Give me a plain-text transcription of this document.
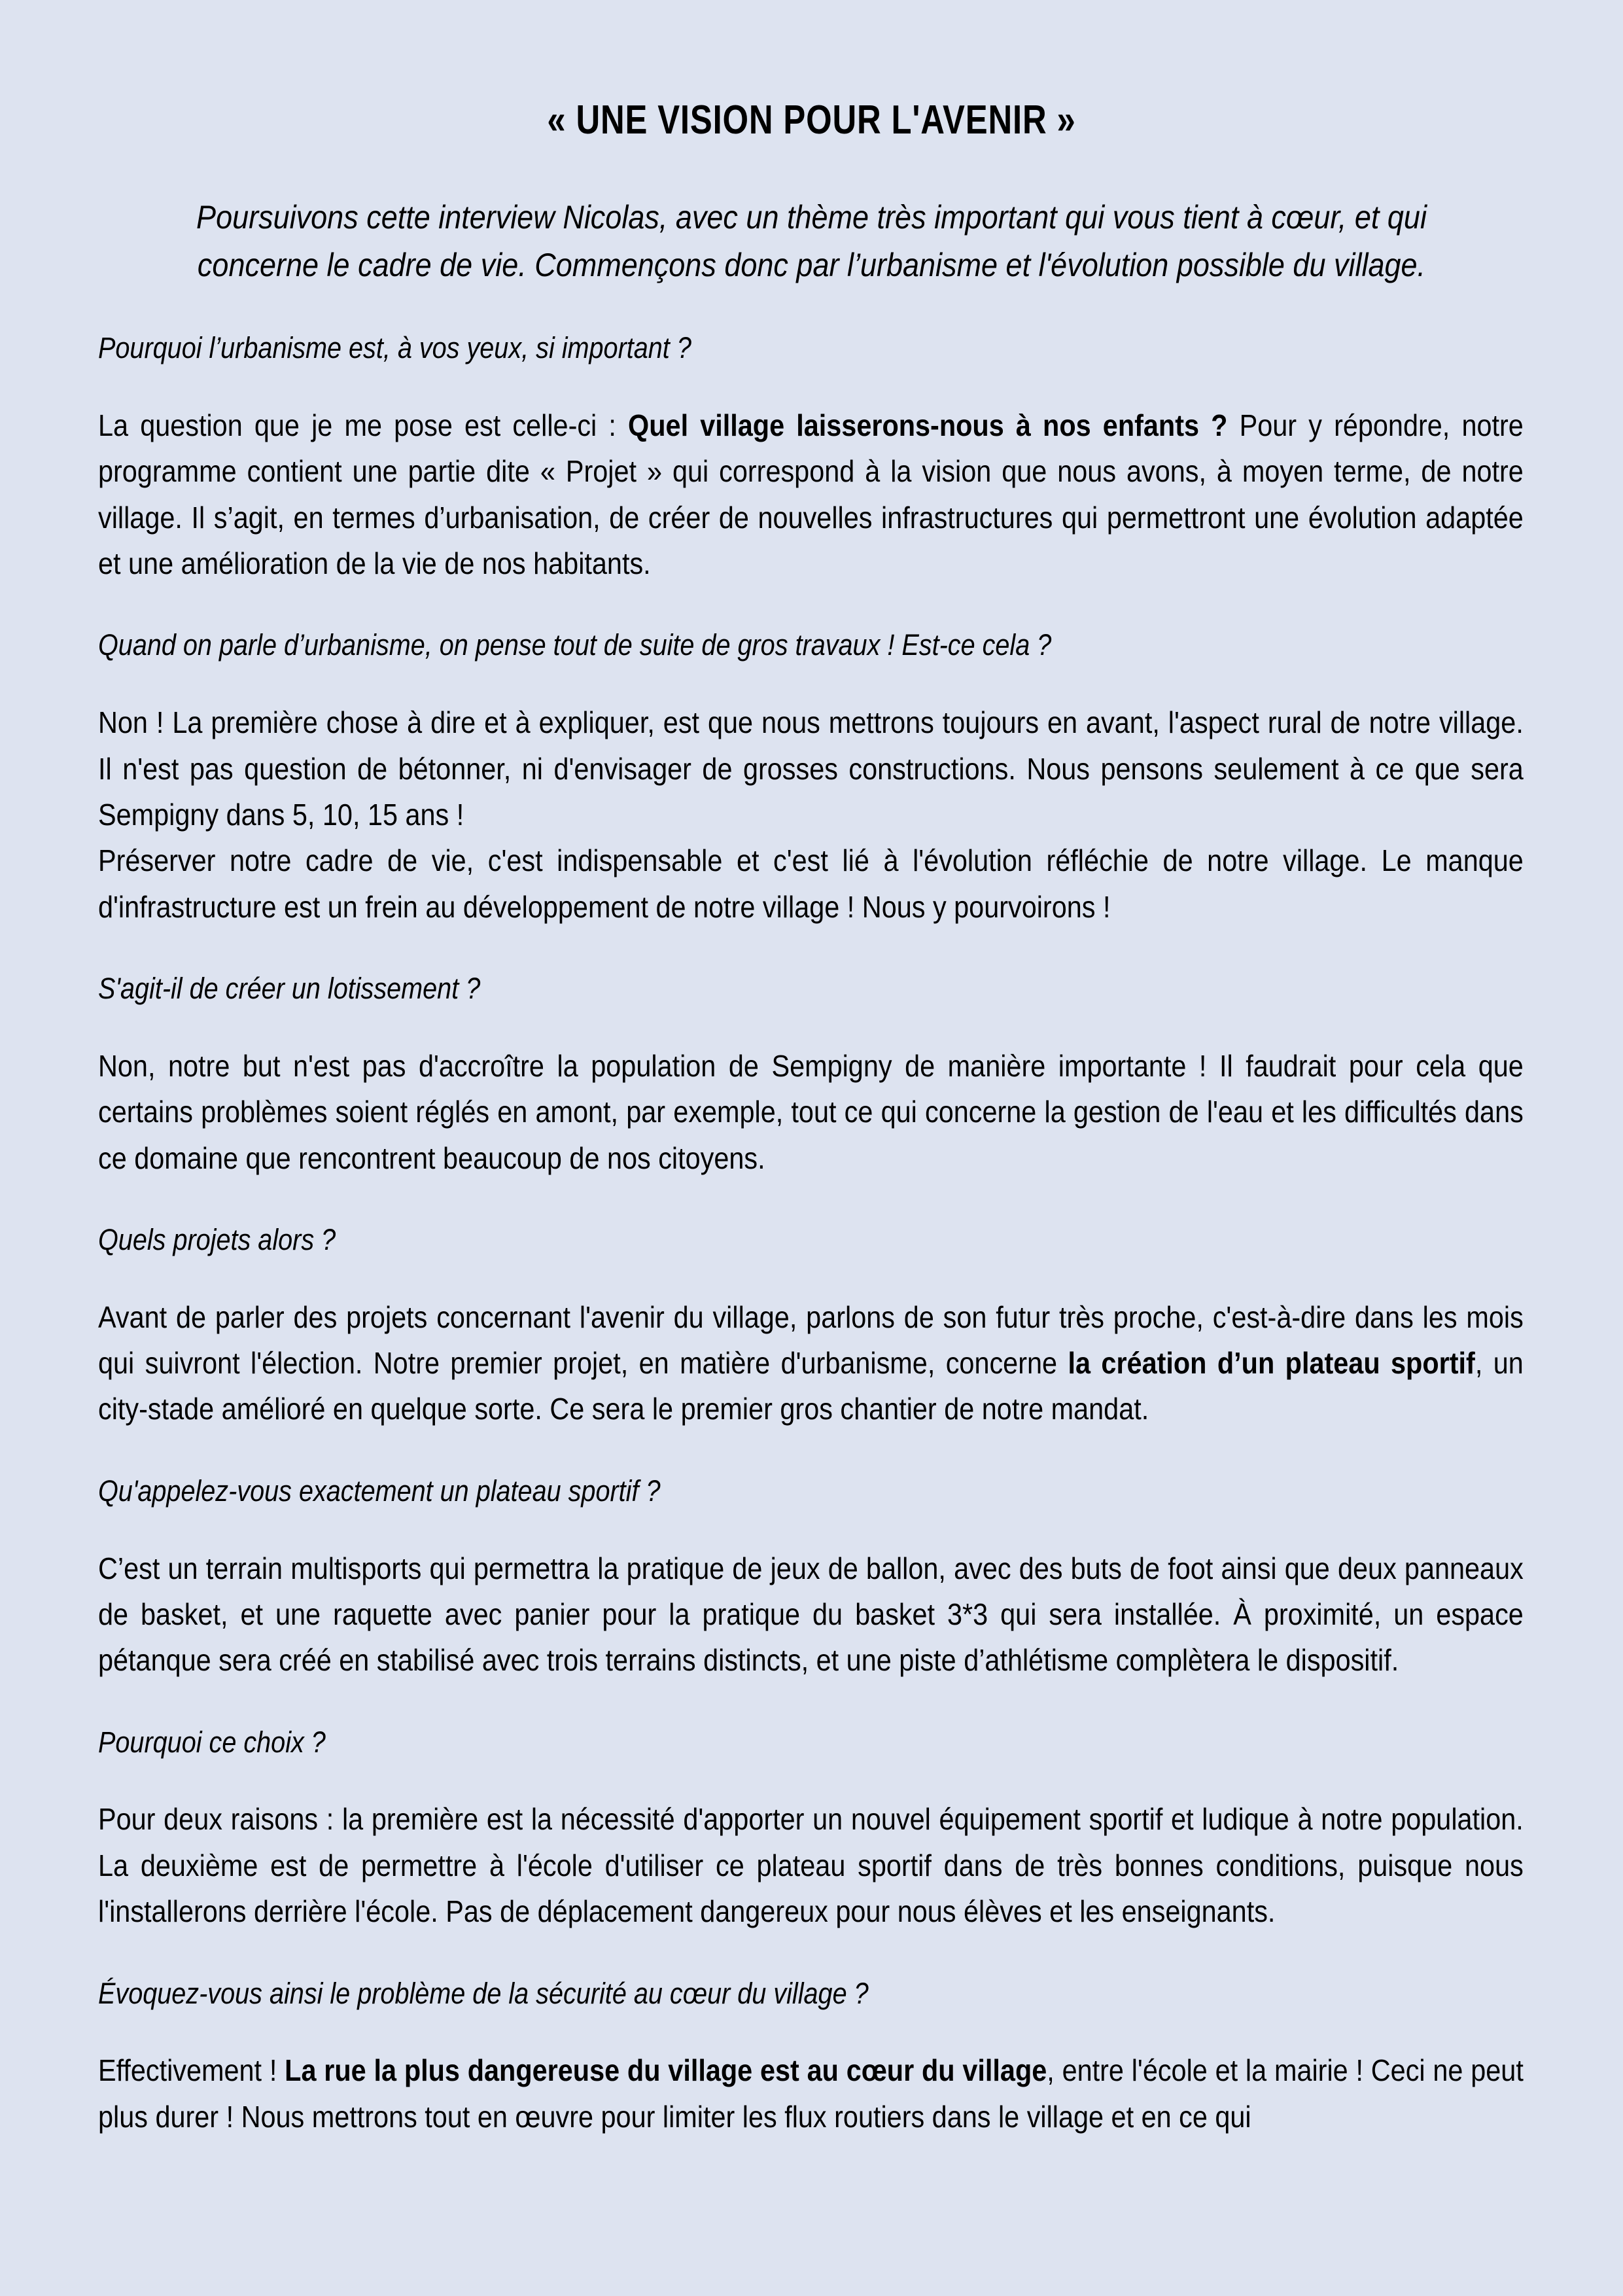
« UNE VISION POUR L'AVENIR »

Poursuivons cette interview Nicolas, avec un thème très important qui vous tient à cœur, et qui concerne le cadre de vie. Commençons donc par l’urbanisme et l'évolution possible du village.

Pourquoi l’urbanisme est, à vos yeux, si important ?

La question que je me pose est celle-ci : Quel village laisserons-nous à nos enfants ? Pour y répondre, notre programme contient une partie dite « Projet » qui correspond à la vision que nous avons, à moyen terme, de notre village. Il s’agit, en termes d’urbanisation, de créer de nouvelles infrastructures qui permettront une évolution adaptée et une amélioration de la vie de nos habitants.

Quand on parle d’urbanisme, on pense tout de suite de gros travaux ! Est-ce cela ?

Non ! La première chose à dire et à expliquer, est que nous mettrons toujours en avant, l'aspect rural de notre village. Il n'est pas question de bétonner, ni d'envisager de grosses constructions. Nous pensons seulement à ce que sera Sempigny dans 5, 10, 15 ans !
Préserver notre cadre de vie, c'est indispensable et c'est lié à l'évolution réfléchie de notre village. Le manque d'infrastructure est un frein au développement de notre village ! Nous y pourvoirons !

S'agit-il de créer un lotissement ?

Non, notre but n'est pas d'accroître la population de Sempigny de manière importante ! Il faudrait pour cela que certains problèmes soient réglés en amont, par exemple, tout ce qui concerne la gestion de l'eau et les difficultés dans ce domaine que rencontrent beaucoup de nos citoyens.

Quels projets alors ?

Avant de parler des projets concernant l'avenir du village, parlons de son futur très proche, c'est-à-dire dans les mois qui suivront l'élection. Notre premier projet, en matière d'urbanisme, concerne la création d’un plateau sportif, un city-stade amélioré en quelque sorte. Ce sera le premier gros chantier de notre mandat.

Qu'appelez-vous exactement un plateau sportif ?

C’est un terrain multisports qui permettra la pratique de jeux de ballon, avec des buts de foot ainsi que deux panneaux de basket, et une raquette avec panier pour la pratique du basket 3*3 qui sera installée. À proximité, un espace pétanque sera créé en stabilisé avec trois terrains distincts, et une piste d’athlétisme complètera le dispositif.

Pourquoi ce choix ?

Pour deux raisons : la première est la nécessité d'apporter un nouvel équipement sportif et ludique à notre population. La deuxième est de permettre à l'école d'utiliser ce plateau sportif dans de très bonnes conditions, puisque nous l'installerons derrière l'école. Pas de déplacement dangereux pour nous élèves et les enseignants.

Évoquez-vous ainsi le problème de la sécurité au cœur du village ?

Effectivement ! La rue la plus dangereuse du village est au cœur du village, entre l'école et la mairie ! Ceci ne peut plus durer ! Nous mettrons tout en œuvre pour limiter les flux routiers dans le village et en ce qui
